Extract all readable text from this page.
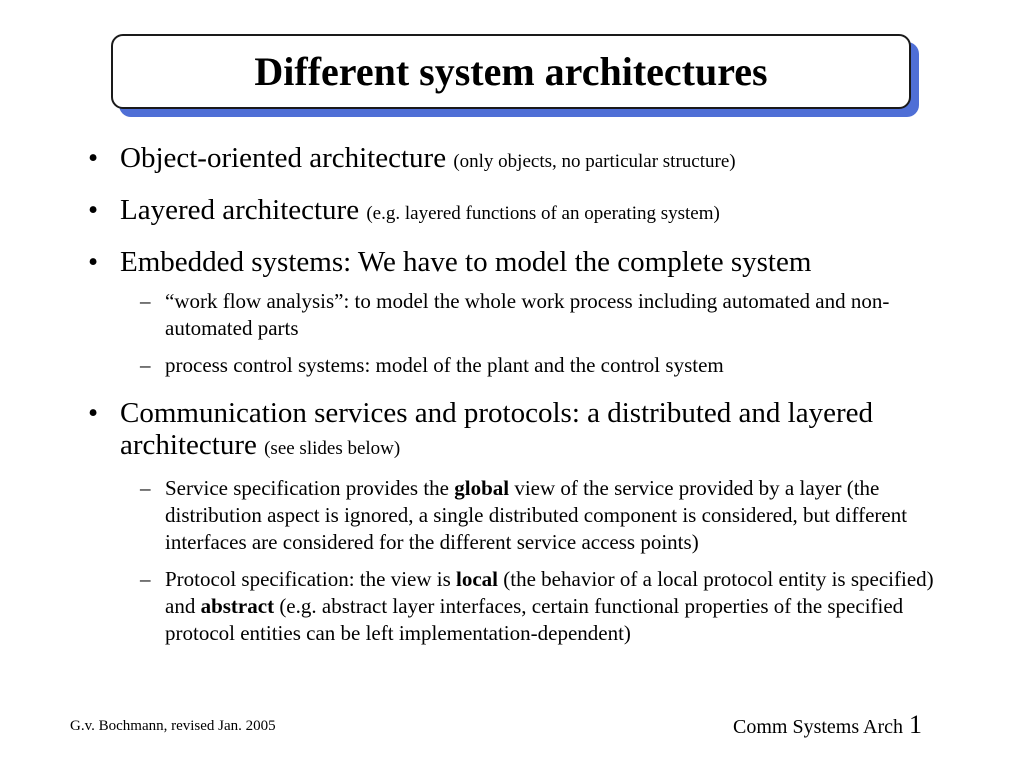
Different system architectures
• Object-oriented architecture (only objects, no particular structure)
• Layered architecture (e.g. layered functions of an operating system)
• Embedded systems: We have to model the complete system
– “work flow analysis”: to model the whole work process including automated and non-automated parts
– process control systems: model of the plant and the control system
• Communication services and protocols: a distributed and layered architecture (see slides below)
– Service specification provides the global view of the service provided by a layer (the distribution aspect is ignored, a single distributed component is considered, but different interfaces are considered for the different service access points)
– Protocol specification: the view is local (the behavior of a local protocol entity is specified) and abstract (e.g. abstract layer interfaces, certain functional properties of the specified protocol entities can be left implementation-dependent)
G.v. Bochmann, revised Jan. 2005	Comm Systems Arch 1
